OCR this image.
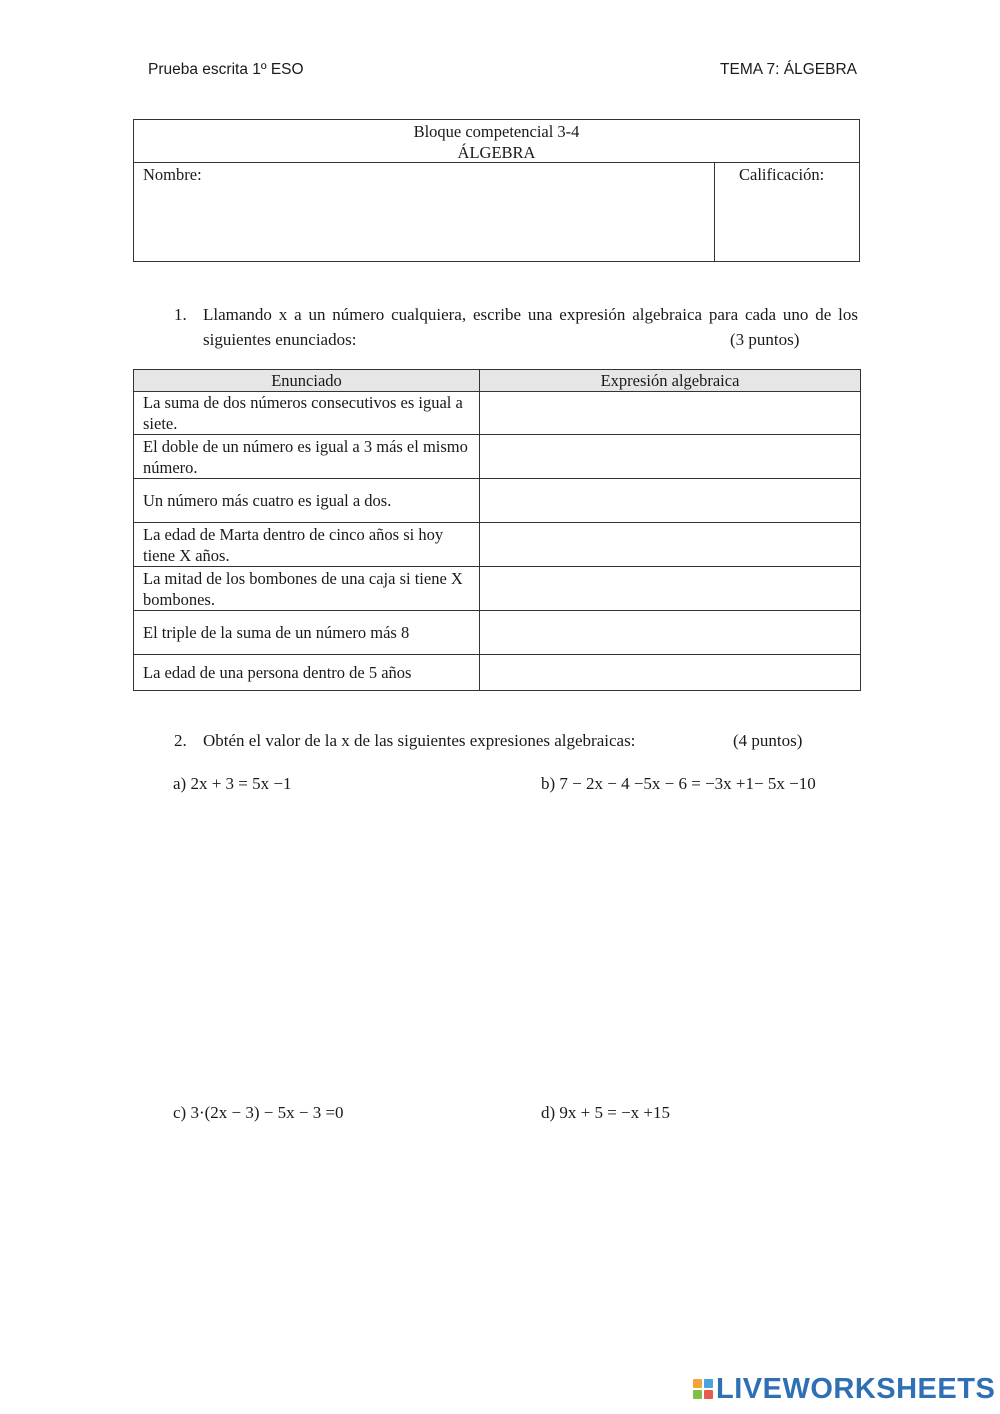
Prueba escrita 1º ESO	TEMA 7: ÁLGEBRA
Bloque competencial 3-4
ÁLGEBRA
Nombre:	Calificación:
1. Llamando x a un número cualquiera, escribe una expresión algebraica para cada uno de los siguientes enunciados:	(3 puntos)
Enunciado	Expresión algebraica
La suma de dos números consecutivos es igual a siete.	
El doble de un número es igual a 3 más el mismo número.	
Un número más cuatro es igual a dos.	
La edad de Marta dentro de cinco años si hoy tiene X años.	
La mitad de los bombones de una caja si tiene X bombones.	
El triple de la suma de un número más 8	
La edad de una persona dentro de 5 años	
2. Obtén el valor de la x de las siguientes expresiones algebraicas:	(4 puntos)
a) 2x + 3 = 5x −1	b) 7 − 2x − 4 −5x − 6 = −3x +1− 5x −10
c) 3·(2x − 3) − 5x − 3 =0	d) 9x + 5 = −x +15
LIVEWORKSHEETS
